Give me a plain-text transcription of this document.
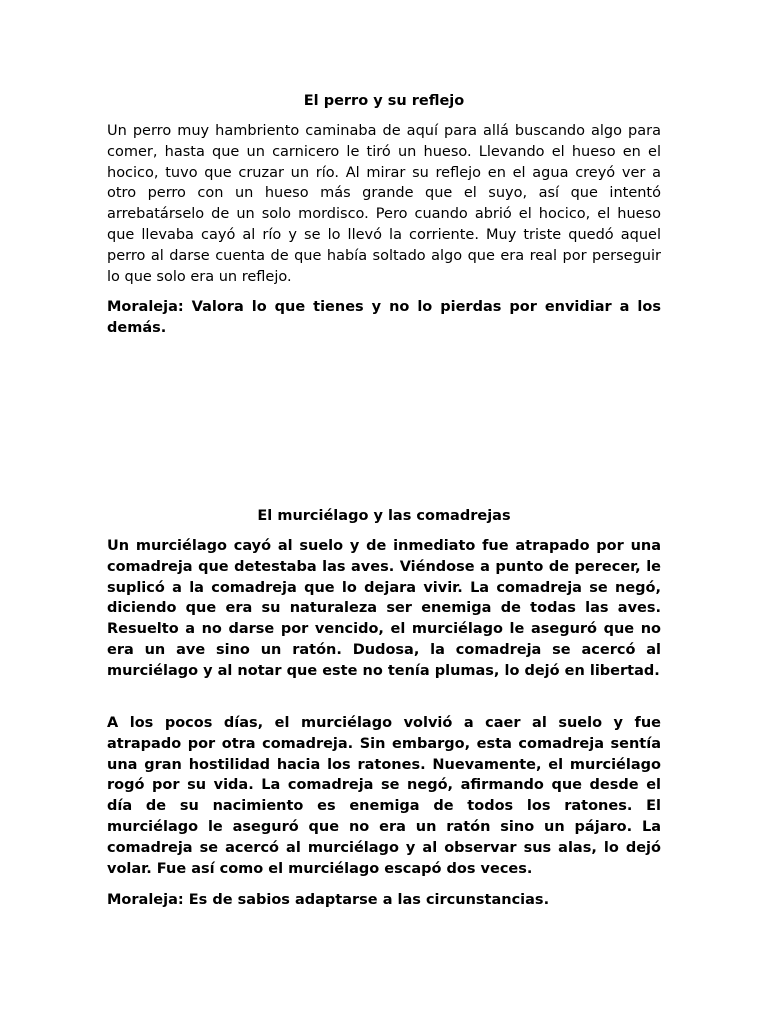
El perro y su reflejo

Un perro muy hambriento caminaba de aquí para allá buscando algo para comer, hasta que un carnicero le tiró un hueso. Llevando el hueso en el hocico, tuvo que cruzar un río. Al mirar su reflejo en el agua creyó ver a otro perro con un hueso más grande que el suyo, así que intentó arrebatárselo de un solo mordisco. Pero cuando abrió el hocico, el hueso que llevaba cayó al río y se lo llevó la corriente. Muy triste quedó aquel perro al darse cuenta de que había soltado algo que era real por perseguir lo que solo era un reflejo.

Moraleja: Valora lo que tienes y no lo pierdas por envidiar a los demás.

El murciélago y las comadrejas

Un murciélago cayó al suelo y de inmediato fue atrapado por una comadreja que detestaba las aves. Viéndose a punto de perecer, le suplicó a la comadreja que lo dejara vivir. La comadreja se negó, diciendo que era su naturaleza ser enemiga de todas las aves. Resuelto a no darse por vencido, el murciélago le aseguró que no era un ave sino un ratón. Dudosa, la comadreja se acercó al murciélago y al notar que este no tenía plumas, lo dejó en libertad.

A los pocos días, el murciélago volvió a caer al suelo y fue atrapado por otra comadreja. Sin embargo, esta comadreja sentía una gran hostilidad hacia los ratones. Nuevamente, el murciélago rogó por su vida. La comadreja se negó, afirmando que desde el día de su nacimiento es enemiga de todos los ratones. El murciélago le aseguró que no era un ratón sino un pájaro. La comadreja se acercó al murciélago y al observar sus alas, lo dejó volar. Fue así como el murciélago escapó dos veces.

Moraleja: Es de sabios adaptarse a las circunstancias.
